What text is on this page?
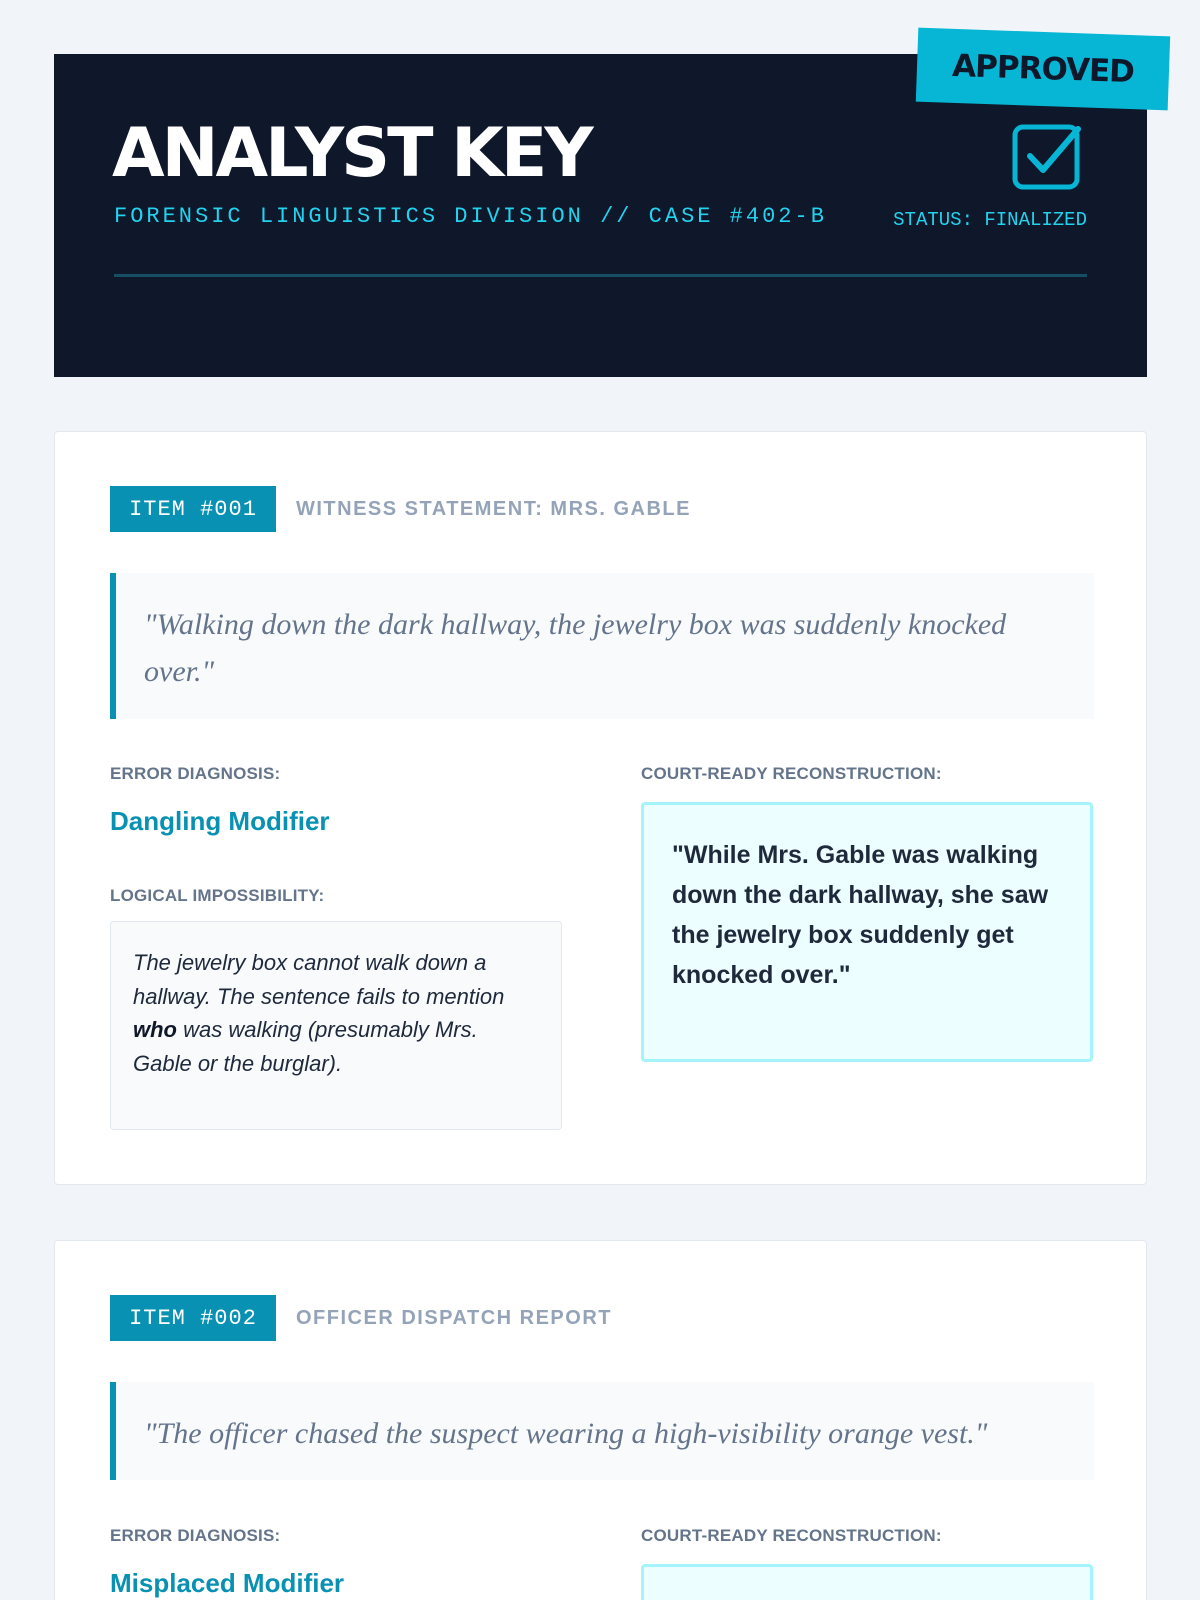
ANALYST KEY
FORENSIC LINGUISTICS DIVISION // CASE #402-B	STATUS: FINALIZED
APPROVED
ITEM #001	WITNESS STATEMENT: MRS. GABLE
"Walking down the dark hallway, the jewelry box was suddenly knocked over."
ERROR DIAGNOSIS:
Dangling Modifier
LOGICAL IMPOSSIBILITY:
The jewelry box cannot walk down a hallway. The sentence fails to mention who was walking (presumably Mrs. Gable or the burglar).
COURT-READY RECONSTRUCTION:
"While Mrs. Gable was walking down the dark hallway, she saw the jewelry box suddenly get knocked over."
ITEM #002	OFFICER DISPATCH REPORT
"The officer chased the suspect wearing a high-visibility orange vest."
ERROR DIAGNOSIS:
Misplaced Modifier
COURT-READY RECONSTRUCTION:
